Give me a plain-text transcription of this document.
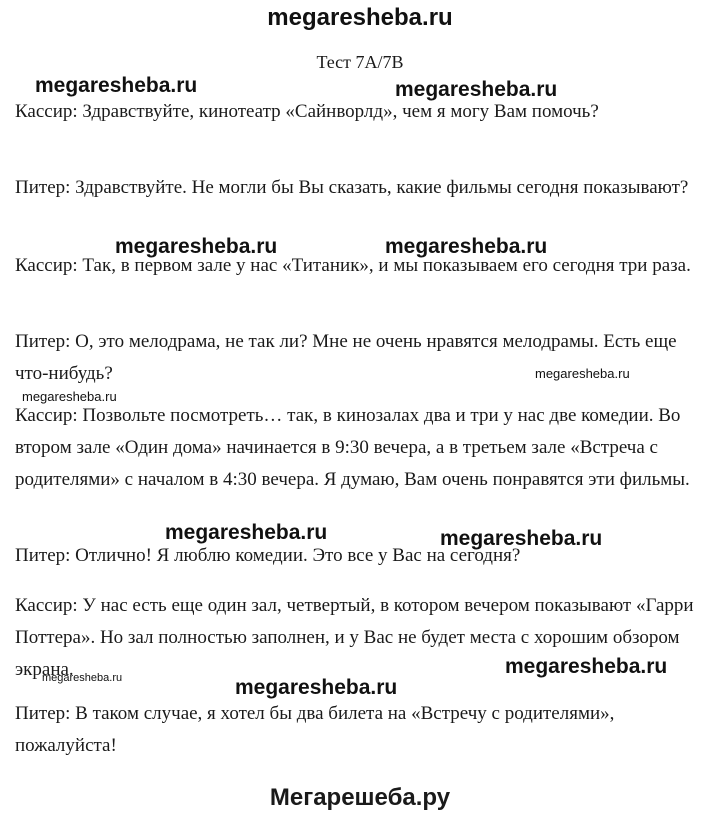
megaresheba.ru
Тест 7А/7В
Кассир: Здравствуйте, кинотеатр «Сайнворлд», чем я могу Вам помочь?
Питер: Здравствуйте. Не могли бы Вы сказать, какие фильмы сегодня показывают?
Кассир: Так, в первом зале у нас «Титаник», и мы показываем его сегодня три раза.
Питер: О, это мелодрама, не так ли? Мне не очень нравятся мелодрамы. Есть еще что-нибудь?
Кассир: Позвольте посмотреть… так, в кинозалах два и три у нас две комедии. Во втором зале «Один дома» начинается в 9:30 вечера, а в третьем зале «Встреча с родителями» с началом в 4:30 вечера. Я думаю, Вам очень понравятся эти фильмы.
Питер: Отлично! Я люблю комедии. Это все у Вас на сегодня?
Кассир: У нас есть еще один зал, четвертый, в котором вечером показывают «Гарри Поттера». Но зал полностью заполнен, и у Вас не будет места с хорошим обзором экрана.
Питер: В таком случае, я хотел бы два билета на «Встречу с родителями», пожалуйста!
megaresheba.ru	megaresheba.ru
megaresheba.ru	megaresheba.ru
megaresheba.ru
megaresheba.ru
megaresheba.ru	megaresheba.ru
megaresheba.ru
megaresheba.ru	megaresheba.ru
Мегарешеба.ру
